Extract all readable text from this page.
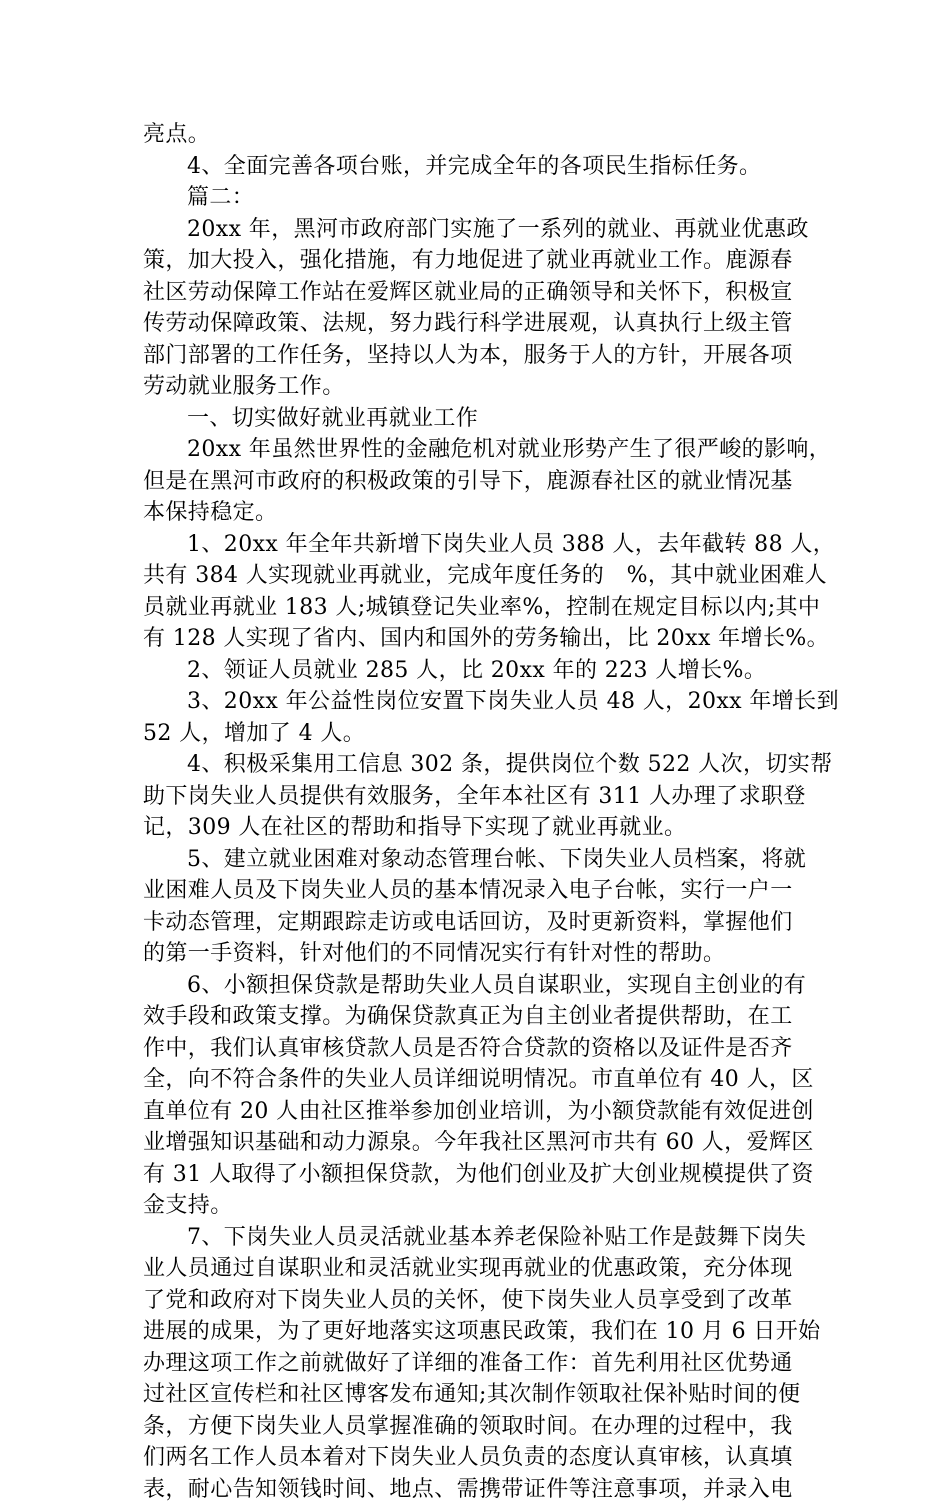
亮点。
4、全面完善各项台账，并完成全年的各项民生指标任务。
篇二：
20xx 年，黑河市政府部门实施了一系列的就业、再就业优惠政
策，加大投入，强化措施，有力地促进了就业再就业工作。鹿源春
社区劳动保障工作站在爱辉区就业局的正确领导和关怀下，积极宣
传劳动保障政策、法规，努力践行科学进展观，认真执行上级主管
部门部署的工作任务，坚持以人为本，服务于人的方针，开展各项
劳动就业服务工作。
一、切实做好就业再就业工作
20xx 年虽然世界性的金融危机对就业形势产生了很严峻的影响，
但是在黑河市政府的积极政策的引导下，鹿源春社区的就业情况基
本保持稳定。
1、20xx 年全年共新增下岗失业人员 388 人，去年截转 88 人，
共有 384 人实现就业再就业，完成年度任务的　%，其中就业困难人
员就业再就业 183 人;城镇登记失业率%，控制在规定目标以内;其中
有 128 人实现了省内、国内和国外的劳务输出，比 20xx 年增长%。
2、领证人员就业 285 人，比 20xx 年的 223 人增长%。
3、20xx 年公益性岗位安置下岗失业人员 48 人，20xx 年增长到
52 人，增加了 4 人。
4、积极采集用工信息 302 条，提供岗位个数 522 人次，切实帮
助下岗失业人员提供有效服务，全年本社区有 311 人办理了求职登
记，309 人在社区的帮助和指导下实现了就业再就业。
5、建立就业困难对象动态管理台帐、下岗失业人员档案，将就
业困难人员及下岗失业人员的基本情况录入电子台帐，实行一户一
卡动态管理，定期跟踪走访或电话回访，及时更新资料，掌握他们
的第一手资料，针对他们的不同情况实行有针对性的帮助。
6、小额担保贷款是帮助失业人员自谋职业，实现自主创业的有
效手段和政策支撑。为确保贷款真正为自主创业者提供帮助，在工
作中，我们认真审核贷款人员是否符合贷款的资格以及证件是否齐
全，向不符合条件的失业人员详细说明情况。市直单位有 40 人，区
直单位有 20 人由社区推举参加创业培训，为小额贷款能有效促进创
业增强知识基础和动力源泉。今年我社区黑河市共有 60 人，爱辉区
有 31 人取得了小额担保贷款，为他们创业及扩大创业规模提供了资
金支持。
7、下岗失业人员灵活就业基本养老保险补贴工作是鼓舞下岗失
业人员通过自谋职业和灵活就业实现再就业的优惠政策，充分体现
了党和政府对下岗失业人员的关怀，使下岗失业人员享受到了改革
进展的成果，为了更好地落实这项惠民政策，我们在 10 月 6 日开始
办理这项工作之前就做好了详细的准备工作：首先利用社区优势通
过社区宣传栏和社区博客发布通知;其次制作领取社保补贴时间的便
条，方便下岗失业人员掌握准确的领取时间。在办理的过程中，我
们两名工作人员本着对下岗失业人员负责的态度认真审核，认真填
表，耐心告知领钱时间、地点、需携带证件等注意事项，并录入电
